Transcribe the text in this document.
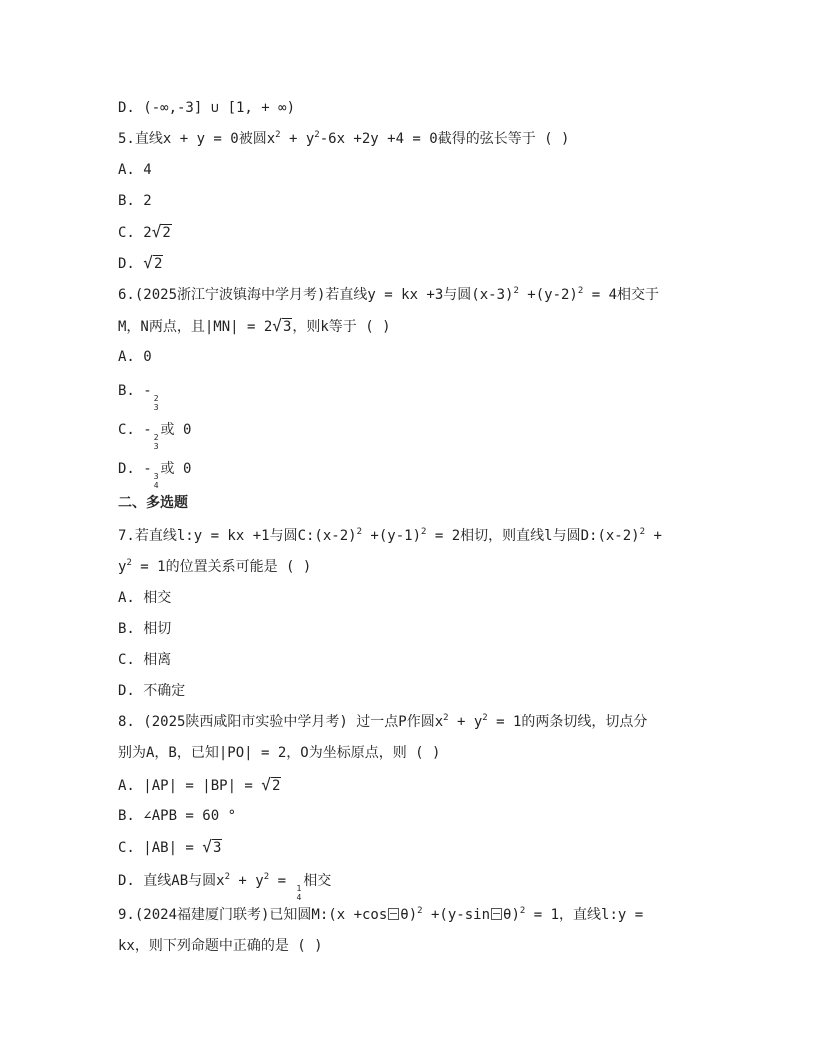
D. (-∞,-3] ∪ [1, + ∞)
5.直线x + y = 0被圆$x^2 + y^2-6x +2y +4 = 0$截得的弦长等于 ( )
A. 4
B. 2
C. 2√2
D. √2
6.(2025浙江宁波镇海中学月考)若直线y = kx +3与圆$(x-3)^2 +(y-2)^2 = 4$相交于
M，N两点，且|MN| = 2√3，则k等于 ( )
A. 0
B. - 2
3
C. - 2
3
或 0
D. - 3
4
或 0
二、多选题
7.若直线l:y = kx +1与圆$C:(x-2)^2 +(y-1)^2 = 2$相切，则直线l与圆$D:(x-2)^2$ +
$y^2 = 1$的位置关系可能是 ( )
A. 相交
B. 相切
C. 相离
D. 不确定
8. (2025陕西咸阳市实验中学月考) 过一点P作圆$x^2 + y^2 = 1$的两条切线，切点分
别为A，B，已知|PO| = 2，O为坐标原点，则 ( )
A. |AP| = |BP| = √2
B. ∠APB = 60 °
C. |AB| = √3
D. 直线AB与圆$x^2 + y^2 = 1$
4
相交
9.(2024福建厦门联考)已知圆M:(x +cos θ)$^2$ +(y-sin θ)$^2$ = 1，直线l:y =
kx，则下列命题中正确的是 ( )
